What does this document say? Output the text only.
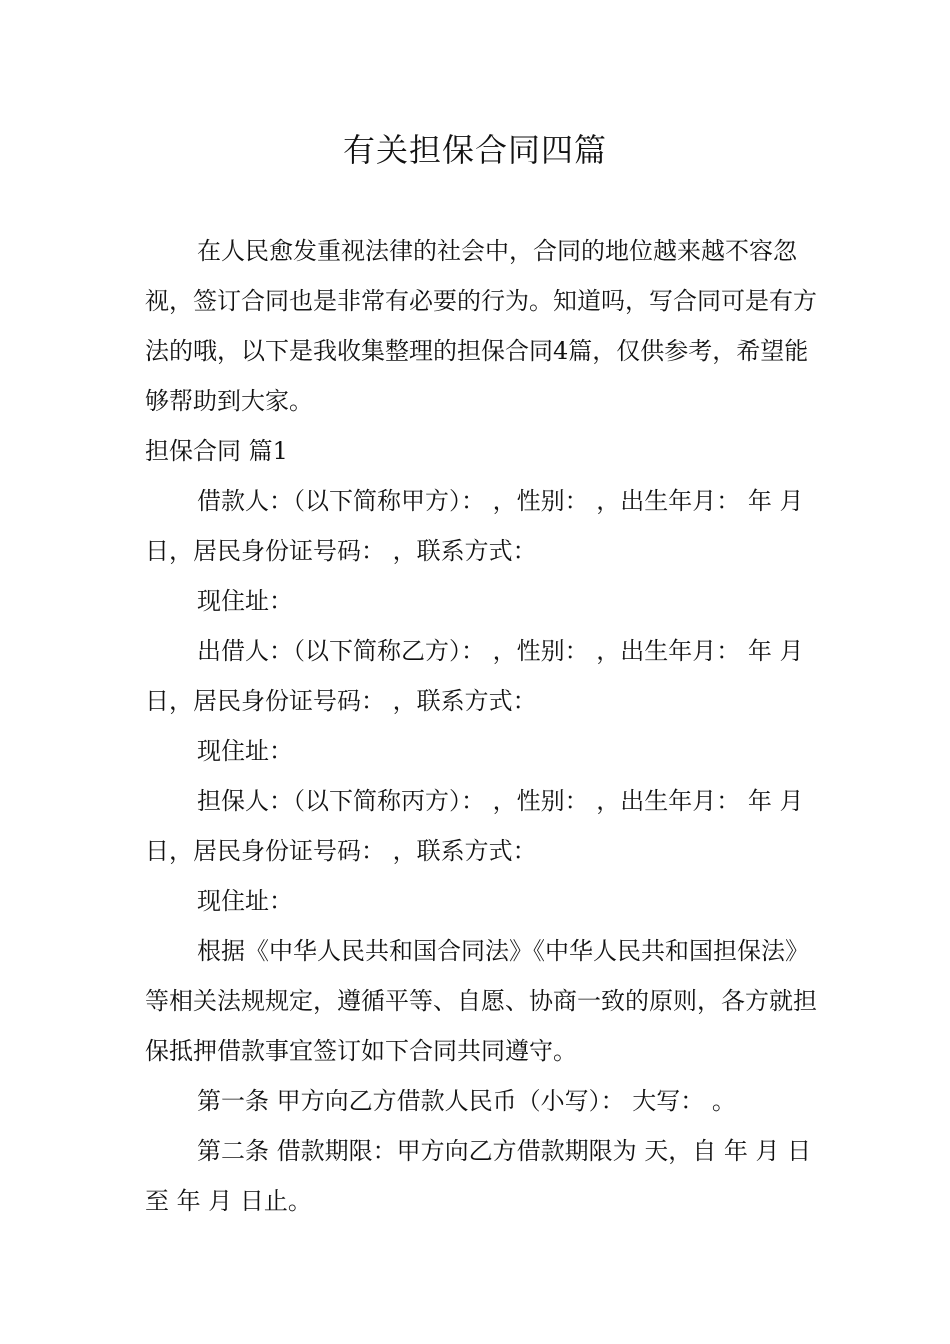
有关担保合同四篇

在人民愈发重视法律的社会中，合同的地位越来越不容忽视，签订合同也是非常有必要的行为。知道吗，写合同可是有方法的哦，以下是我收集整理的担保合同4篇，仅供参考，希望能够帮助到大家。

担保合同 篇1

借款人：（以下简称甲方）： ，性别： ，出生年月： 年 月 日，居民身份证号码： ，联系方式：

现住址：

出借人：（以下简称乙方）： ，性别： ，出生年月： 年 月 日，居民身份证号码： ，联系方式：

现住址：

担保人：（以下简称丙方）： ，性别： ，出生年月： 年 月 日，居民身份证号码： ，联系方式：

现住址：

根据《中华人民共和国合同法》《中华人民共和国担保法》等相关法规规定，遵循平等、自愿、协商一致的原则，各方就担保抵押借款事宜签订如下合同共同遵守。

第一条 甲方向乙方借款人民币（小写）： 大写： 。

第二条 借款期限：甲方向乙方借款期限为 天，自 年 月 日至 年 月 日止。
